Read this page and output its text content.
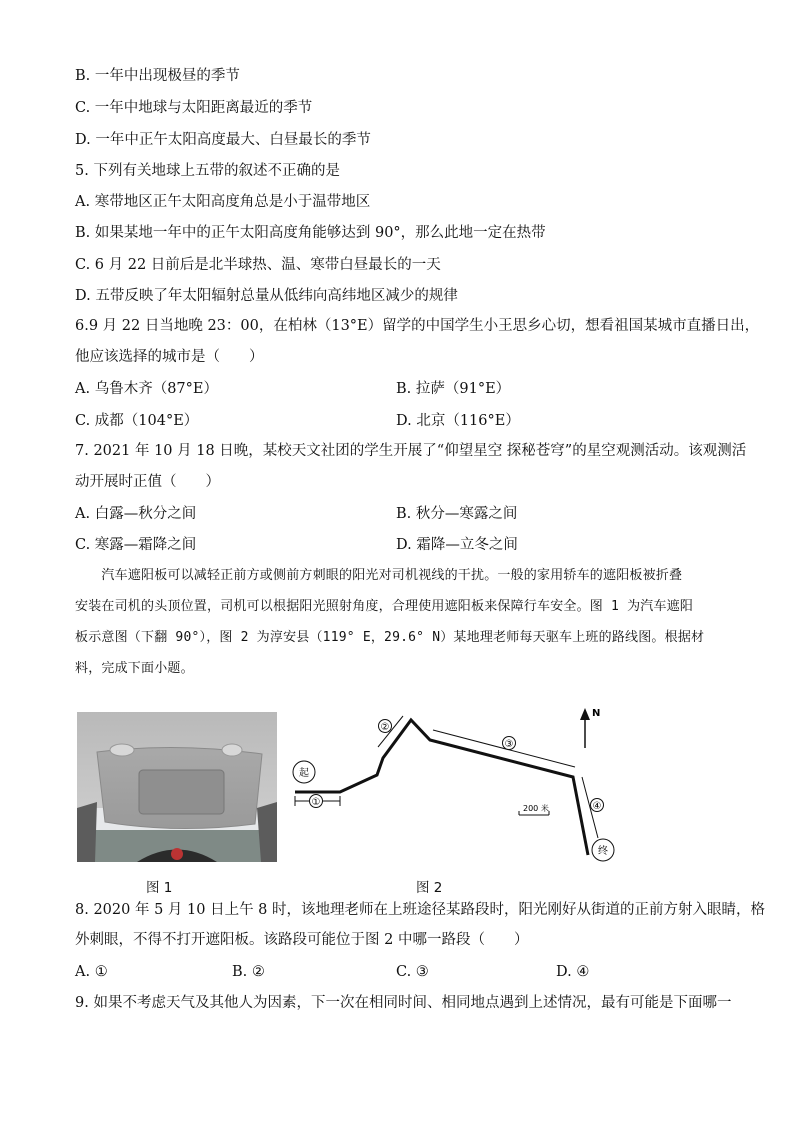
B. 一年中出现极昼的季节
C. 一年中地球与太阳距离最近的季节
D. 一年中正午太阳高度最大、白昼最长的季节
5. 下列有关地球上五带的叙述不正确的是
A. 寒带地区正午太阳高度角总是小于温带地区
B. 如果某地一年中的正午太阳高度角能够达到 90°，那么此地一定在热带
C. 6 月 22 日前后是北半球热、温、寒带白昼最长的一天
D. 五带反映了年太阳辐射总量从低纬向高纬地区减少的规律
6.9 月 22 日当地晚 23：00，在柏林（13°E）留学的中国学生小王思乡心切，想看祖国某城市直播日出，
他应该选择的城市是（　　）
A. 乌鲁木齐（87°E）	B. 拉萨（91°E）
C. 成都（104°E）	D. 北京（116°E）
7. 2021 年 10 月 18 日晚，某校天文社团的学生开展了“仰望星空 探秘苍穹”的星空观测活动。该观测活
动开展时正值（　　）
A. 白露—秋分之间	B. 秋分—寒露之间
C. 寒露—霜降之间	D. 霜降—立冬之间
　　汽车遮阳板可以减轻正前方或侧前方刺眼的阳光对司机视线的干扰。一般的家用轿车的遮阳板被折叠
安装在司机的头顶位置，司机可以根据阳光照射角度，合理使用遮阳板来保障行车安全。图 1 为汽车遮阳
板示意图（下翻 90°），图 2 为淳安县（119° E，29.6° N）某地理老师每天驱车上班的路线图。根据材
料，完成下面小题。
①
②
③
④
起
终
N
200 米
图 1	图 2
8. 2020 年 5 月 10 日上午 8 时，该地理老师在上班途径某路段时，阳光刚好从街道的正前方射入眼睛，格
外刺眼，不得不打开遮阳板。该路段可能位于图 2 中哪一路段（　　）
A. ①	B. ②	C. ③	D. ④
9. 如果不考虑天气及其他人为因素，下一次在相同时间、相同地点遇到上述情况，最有可能是下面哪一
